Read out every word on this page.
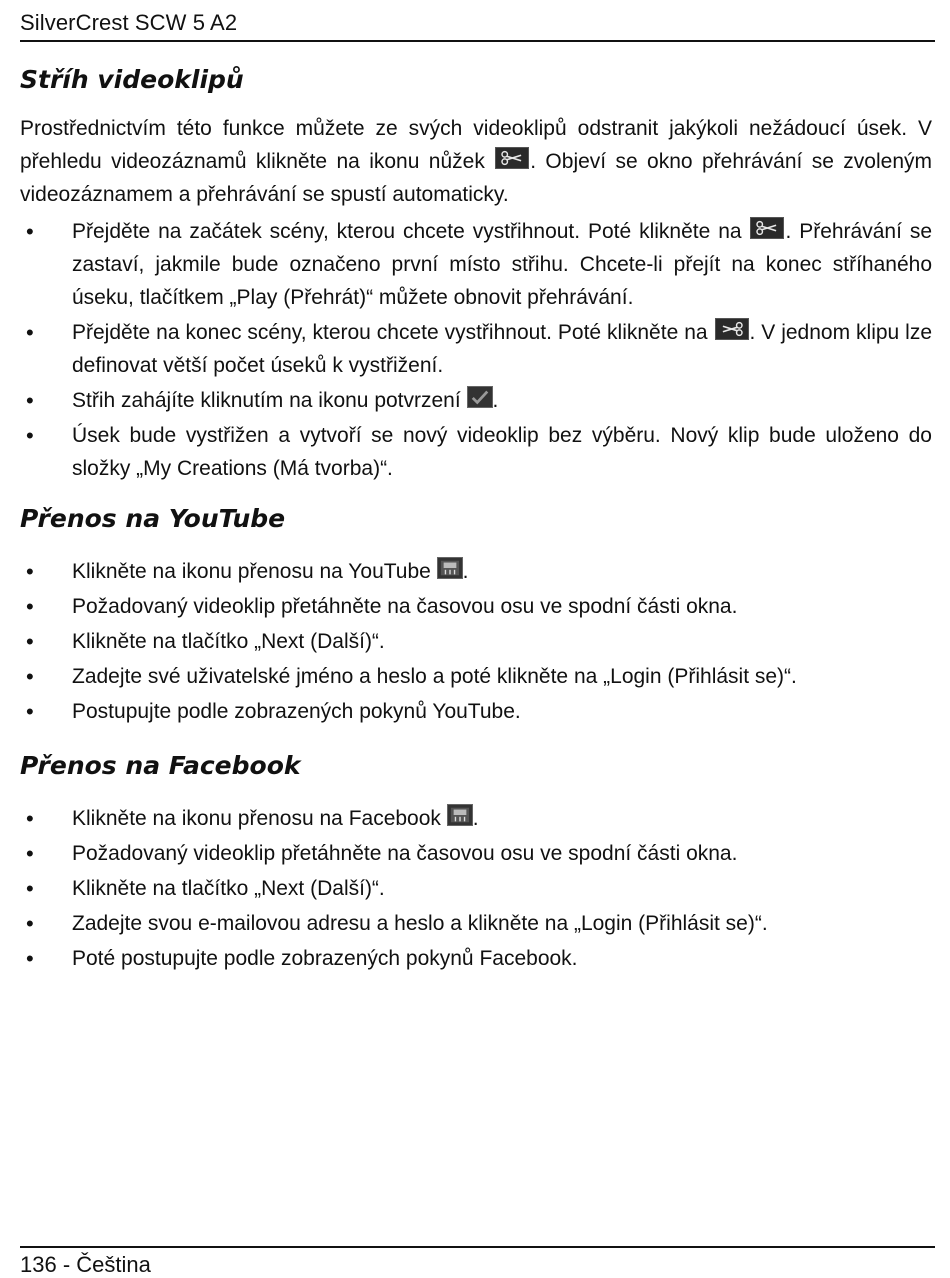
SilverCrest SCW 5 A2
Stříh videoklipů

Prostřednictvím této funkce můžete ze svých videoklipů odstranit jakýkoli nežádoucí úsek. V přehledu videozáznamů klikněte na ikonu nůžek
. Objeví se okno přehrávání se zvoleným videozáznamem a přehrávání se spustí automaticky.

• Přejděte na začátek scény, kterou chcete vystřihnout. Poté klikněte na
. Přehrávání se zastaví, jakmile bude označeno první místo střihu. Chcete-li přejít na konec stříhaného úseku, tlačítkem „Play (Přehrát)“ můžete obnovit přehrávání.
• Přejděte na konec scény, kterou chcete vystřihnout. Poté klikněte na
. V jednom klipu lze definovat větší počet úseků k vystřižení.
• Střih zahájíte kliknutím na ikonu potvrzení
.
• Úsek bude vystřižen a vytvoří se nový videoklip bez výběru. Nový klip bude uloženo do složky „My Creations (Má tvorba)“.
Přenos na YouTube
• Klikněte na ikonu přenosu na YouTube
.
• Požadovaný videoklip přetáhněte na časovou osu ve spodní části okna.
• Klikněte na tlačítko „Next (Další)“.
• Zadejte své uživatelské jméno a heslo a poté klikněte na „Login (Přihlásit se)“.
• Postupujte podle zobrazených pokynů YouTube.
Přenos na Facebook
• Klikněte na ikonu přenosu na Facebook
.
• Požadovaný videoklip přetáhněte na časovou osu ve spodní části okna.
• Klikněte na tlačítko „Next (Další)“.
• Zadejte svou e-mailovou adresu a heslo a klikněte na „Login (Přihlásit se)“.
• Poté postupujte podle zobrazených pokynů Facebook.
136 - Čeština
